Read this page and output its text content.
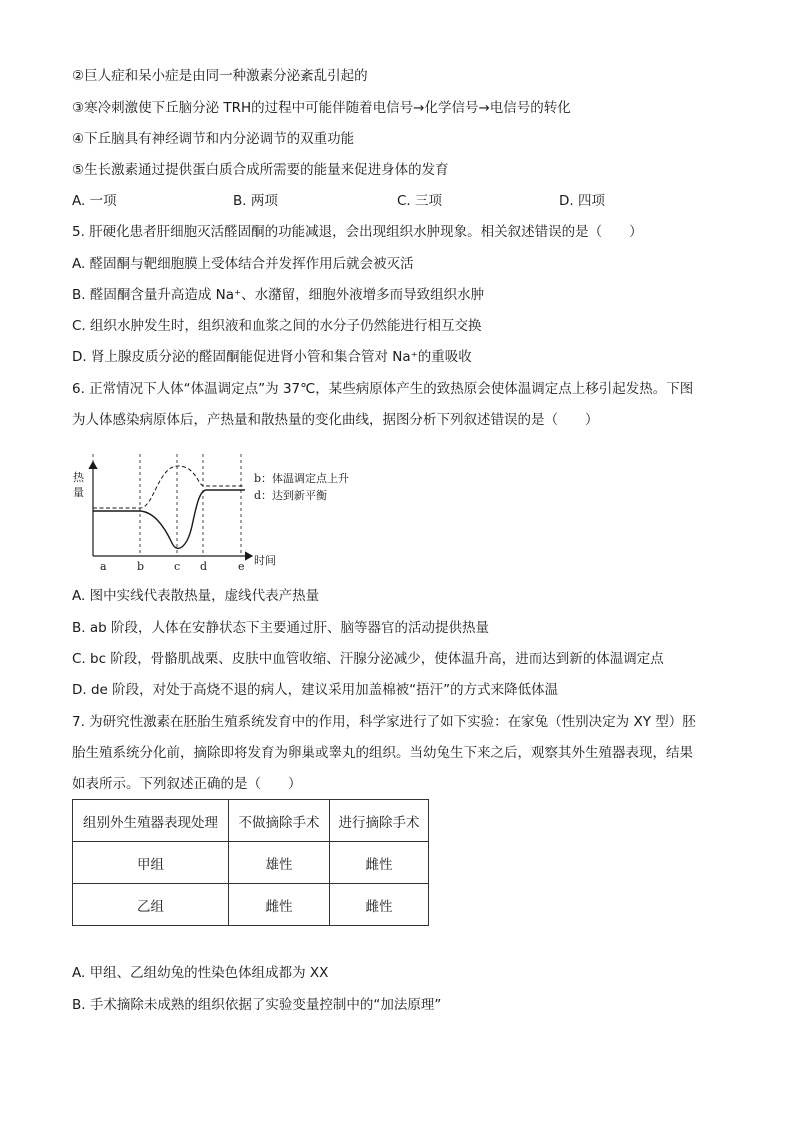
②巨人症和呆小症是由同一种激素分泌紊乱引起的
③寒冷刺激使下丘脑分泌 TRH的过程中可能伴随着电信号→化学信号→电信号的转化
④下丘脑具有神经调节和内分泌调节的双重功能
⑤生长激素通过提供蛋白质合成所需要的能量来促进身体的发育
A. 一项	B. 两项	C. 三项	D. 四项
5. 肝硬化患者肝细胞灭活醛固酮的功能减退，会出现组织水肿现象。相关叙述错误的是（　　）
A. 醛固酮与靶细胞膜上受体结合并发挥作用后就会被灭活
B. 醛固酮含量升高造成 Na⁺、水潴留，细胞外液增多而导致组织水肿
C. 组织水肿发生时，组织液和血浆之间的水分子仍然能进行相互交换
D. 肾上腺皮质分泌的醛固酮能促进肾小管和集合管对 Na⁺的重吸收
6. 正常情况下人体“体温调定点”为 37℃，某些病原体产生的致热原会使体温调定点上移引起发热。下图
为人体感染病原体后，产热量和散热量的变化曲线，据图分析下列叙述错误的是（　　）
热
量
a	b	c d	e 时间
b：体温调定点上升
d：达到新平衡
A. 图中实线代表散热量，虚线代表产热量
B. ab 阶段，人体在安静状态下主要通过肝、脑等器官的活动提供热量
C. bc 阶段，骨骼肌战栗、皮肤中血管收缩、汗腺分泌减少，使体温升高，进而达到新的体温调定点
D. de 阶段，对处于高烧不退的病人，建议采用加盖棉被“捂汗”的方式来降低体温
7. 为研究性激素在胚胎生殖系统发育中的作用，科学家进行了如下实验：在家兔（性别决定为 XY 型）胚
胎生殖系统分化前，摘除即将发育为卵巢或睾丸的组织。当幼兔生下来之后，观察其外生殖器表现，结果
如表所示。下列叙述正确的是（　　）
组别外生殖器表现处理	不做摘除手术	进行摘除手术
甲组	雄性	雌性
乙组	雌性	雌性
A. 甲组、乙组幼兔的性染色体组成都为 XX
B. 手术摘除未成熟的组织依据了实验变量控制中的“加法原理”
